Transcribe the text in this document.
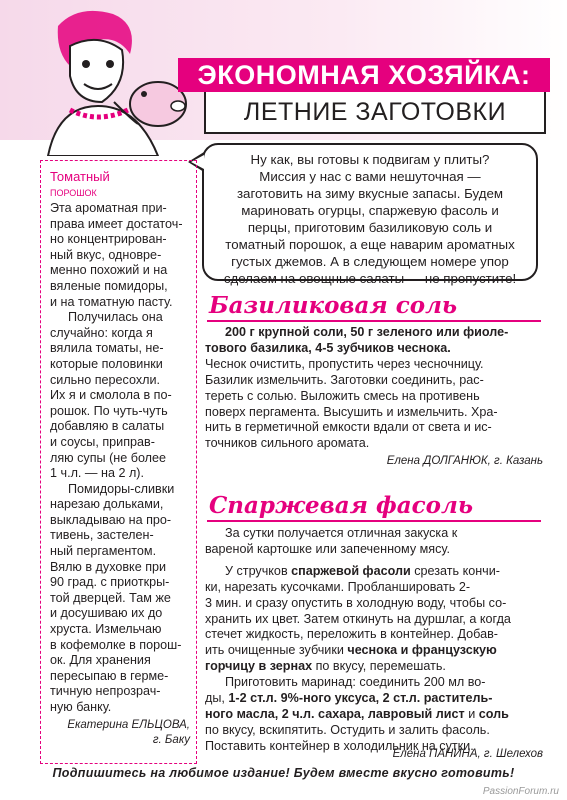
ЭКОНОМНАЯ ХОЗЯЙКА:
ЛЕТНИЕ ЗАГОТОВКИ
Ну как, вы готовы к подвигам у плиты?
Миссия у нас с вами нешуточная —
заготовить на зиму вкусные запасы. Будем
мариновать огурцы, спаржевую фасоль и
перцы, приготовим базиликовую соль и
томатный порошок, а еще наварим ароматных
густых джемов. А в следующем номере упор
сделаем на овощные салаты — не пропустите!
Томатный
порошок
Эта ароматная при-
права имеет достаточ-
но концентрирован-
ный вкус, одновре-
менно похожий и на
вяленые помидоры,
и на томатную пасту.
Получилась она
случайно: когда я
вялила томаты, не-
которые половинки
сильно пересохли.
Их я и смолола в по-
рошок. По чуть-чуть
добавляю в салаты
и соусы, приправ-
ляю супы (не более
1 ч.л. — на 2 л).
Помидоры-сливки
нарезаю дольками,
выкладываю на про-
тивень, застелен-
ный пергаментом.
Вялю в духовке при
90 град. с приоткры-
той дверцей. Там же
и досушиваю их до
хруста. Измельчаю
в кофемолке в порош-
ок. Для хранения
пересыпаю в гермe-
тичную непрозрач-
ную банку.
Екатерина ЕЛЬЦОВА,
г. Баку
Базиликовая соль
200 г крупной соли, 50 г зеленого или фиоле-
тового базилика, 4-5 зубчиков чеснока.
Чеснок очистить, пропустить через чесночницу.
Базилик измельчить. Заготовки соединить, рас-
тереть с солью. Выложить смесь на противень
поверх пергамента. Высушить и измельчить. Хра-
нить в герметичной емкости вдали от света и ис-
точников сильного аромата.
Елена ДОЛГАНЮК, г. Казань
Спаржевая фасоль
За сутки получается отличная закуска к
вареной картошке или запеченному мясу.
У стручков спаржевой фасоли срезать кончи-
ки, нарезать кусочками. Пробланшировать 2-
3 мин. и сразу опустить в холодную воду, чтобы со-
хранить их цвет. Затем откинуть на дуршлаг, а когда
стечет жидкость, переложить в контейнер. Добав-
ить очищенные зубчики чеснока и французскую
горчицу в зернах по вкусу, перемешать.
Приготовить маринад: соединить 200 мл во-
ды, 1-2 ст.л. 9%-ного уксуса, 2 ст.л. раститель-
ного масла, 2 ч.л. сахара, лавровый лист и соль
по вкусу, вскипятить. Остудить и залить фасоль.
Поставить контейнер в холодильник на сутки.
Елена ПАНИНА, г. Шелехов
Подпишитесь на любимое издание! Будем вместе вкусно готовить!
PassionForum.ru
